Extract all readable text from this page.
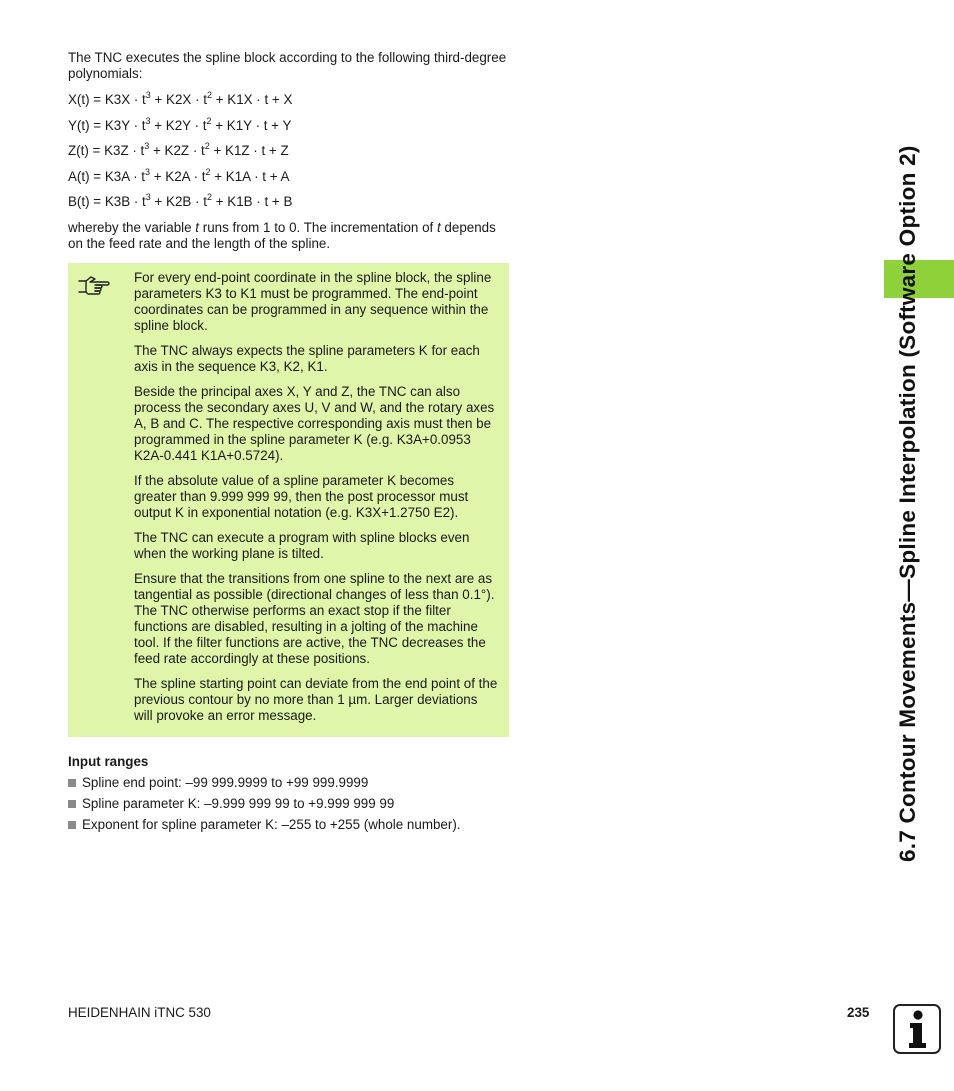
The TNC executes the spline block according to the following third-degree polynomials:

$X(t) = K3X \cdot t^3 + K2X \cdot t^2 + K1X \cdot t + X$

$Y(t) = K3Y \cdot t^3 + K2Y \cdot t^2 + K1Y \cdot t + Y$

$Z(t) = K3Z \cdot t^3 + K2Z \cdot t^2 + K1Z \cdot t + Z$

$A(t) = K3A \cdot t^3 + K2A \cdot t^2 + K1A \cdot t + A$

$B(t) = K3B \cdot t^3 + K2B \cdot t^2 + K1B \cdot t + B$

whereby the variable t runs from 1 to 0. The incrementation of t depends on the feed rate and the length of the spline.

For every end-point coordinate in the spline block, the spline parameters K3 to K1 must be programmed. The end-point coordinates can be programmed in any sequence within the spline block.

The TNC always expects the spline parameters K for each axis in the sequence K3, K2, K1.

Beside the principal axes X, Y and Z, the TNC can also process the secondary axes U, V and W, and the rotary axes A, B and C. The respective corresponding axis must then be programmed in the spline parameter K (e.g. K3A+0.0953 K2A-0.441 K1A+0.5724).

If the absolute value of a spline parameter K becomes greater than 9.999 999 99, then the post processor must output K in exponential notation (e.g. K3X+1.2750 E2).

The TNC can execute a program with spline blocks even when the working plane is tilted.

Ensure that the transitions from one spline to the next are as tangential as possible (directional changes of less than 0.1°). The TNC otherwise performs an exact stop if the filter functions are disabled, resulting in a jolting of the machine tool. If the filter functions are active, the TNC decreases the feed rate accordingly at these positions.

The spline starting point can deviate from the end point of the previous contour by no more than 1 µm. Larger deviations will provoke an error message.

Input ranges

Spline end point: –99 999.9999 to +99 999.9999
Spline parameter K: –9.999 999 99 to +9.999 999 99
Exponent for spline parameter K: –255 to +255 (whole number).
HEIDENHAIN iTNC 530	235
6.7 Contour Movements—Spline Interpolation (Software Option 2)
